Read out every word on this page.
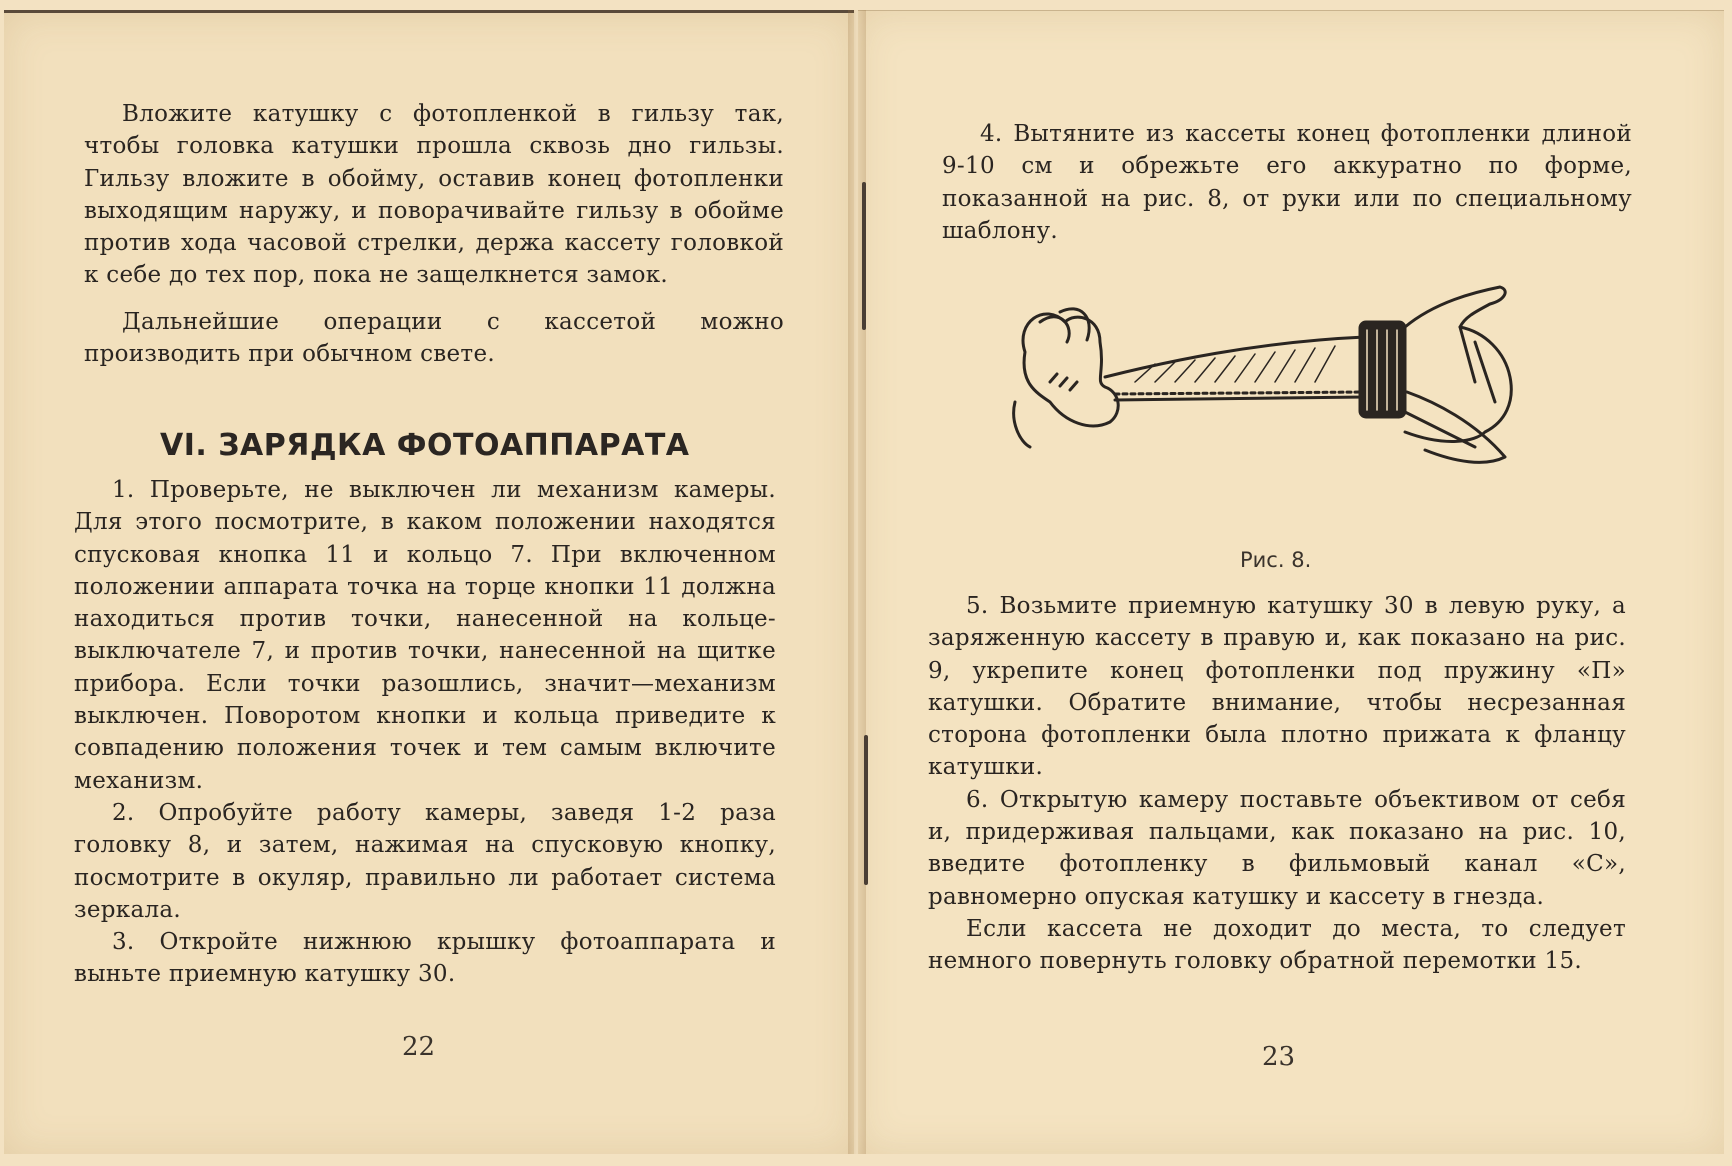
Вложите катушку с фотопленкой в гильзу так, чтобы головка катушки прошла сквозь дно гильзы. Гильзу вложите в обойму, оставив конец фотопленки выходящим наружу, и поворачивайте гильзу в обойме против хода часовой стрелки, держа кассету головкой к себе до тех пор, пока не защелкнется замок.

Дальнейшие операции с кассетой можно производить при обычном свете.

VI. ЗАРЯДКА ФОТОАППАРАТА

1. Проверьте, не выключен ли механизм камеры. Для этого посмотрите, в каком положении находятся спусковая кнопка 11 и кольцо 7. При включенном положении аппарата точка на торце кнопки 11 должна находиться против точки, нанесенной на кольце-выключателе 7, и против точки, нанесенной на щитке прибора. Если точки разошлись, значит—механизм выключен. Поворотом кнопки и кольца приведите к совпадению положения точек и тем самым включите механизм.

2. Опробуйте работу камеры, заведя 1-2 раза головку 8, и затем, нажимая на спусковую кнопку, посмотрите в окуляр, правильно ли работает система зеркала.

3. Откройте нижнюю крышку фотоаппарата и выньте приемную катушку 30.

22

4. Вытяните из кассеты конец фотопленки длиной 9-10 см и обрежьте его аккуратно по форме, показанной на рис. 8, от руки или по специальному шаблону.

Рис. 8.

5. Возьмите приемную катушку 30 в левую руку, а заряженную кассету в правую и, как показано на рис. 9, укрепите конец фотопленки под пружину «П» катушки. Обратите внимание, чтобы несрезанная сторона фотопленки была плотно прижата к фланцу катушки.

6. Открытую камеру поставьте объективом от себя и, придерживая пальцами, как показано на рис. 10, введите фотопленку в фильмовый канал «С», равномерно опуская катушку и кассету в гнезда.

Если кассета не доходит до места, то следует немного повернуть головку обратной перемотки 15.

23
